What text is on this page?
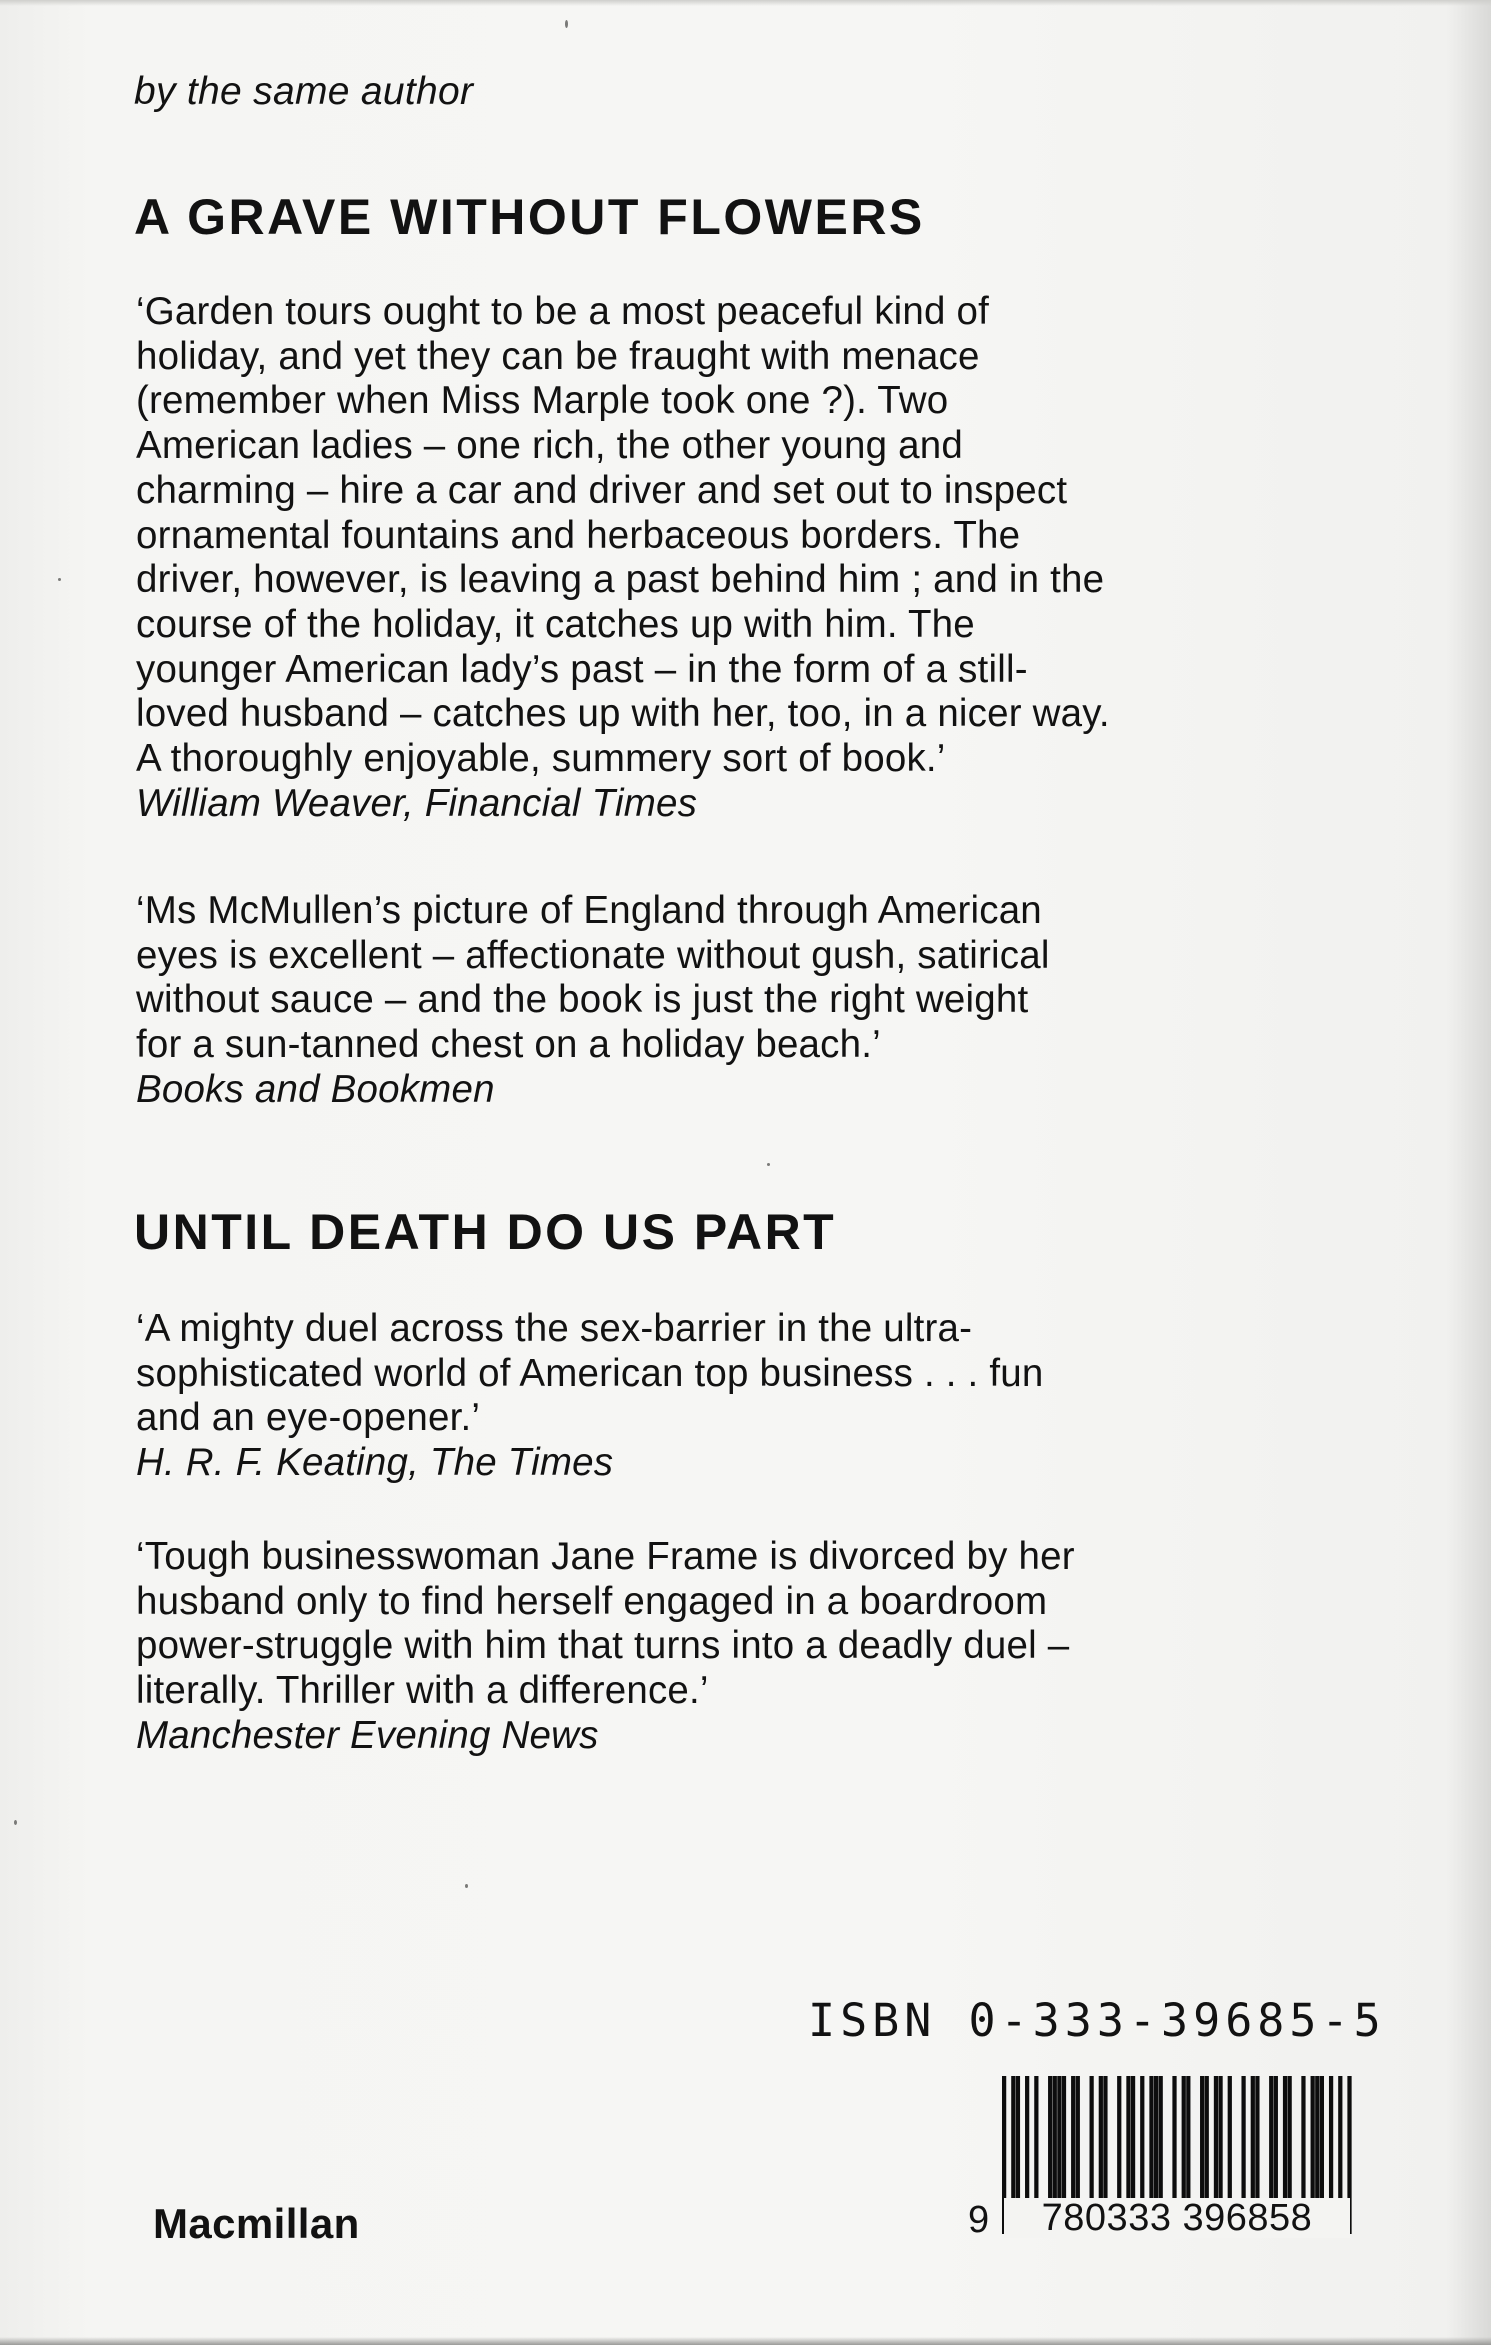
by the same author
A GRAVE WITHOUT FLOWERS
‘Garden tours ought to be a most peaceful kind of
holiday, and yet they can be fraught with menace
(remember when Miss Marple took one ?). Two
American ladies – one rich, the other young and
charming – hire a car and driver and set out to inspect
ornamental fountains and herbaceous borders. The
driver, however, is leaving a past behind him ; and in the
course of the holiday, it catches up with him. The
younger American lady’s past – in the form of a still-
loved husband – catches up with her, too, in a nicer way.
A thoroughly enjoyable, summery sort of book.’
William Weaver, Financial Times
‘Ms McMullen’s picture of England through American
eyes is excellent – affectionate without gush, satirical
without sauce – and the book is just the right weight
for a sun-tanned chest on a holiday beach.’
Books and Bookmen
UNTIL DEATH DO US PART
‘A mighty duel across the sex-barrier in the ultra-
sophisticated world of American top business . . . fun
and an eye-opener.’
H. R. F. Keating, The Times
‘Tough businesswoman Jane Frame is divorced by her
husband only to find herself engaged in a boardroom
power-struggle with him that turns into a deadly duel –
literally. Thriller with a difference.’
Manchester Evening News
ISBN 0-333-39685-5
9	780333 396858
Macmillan
